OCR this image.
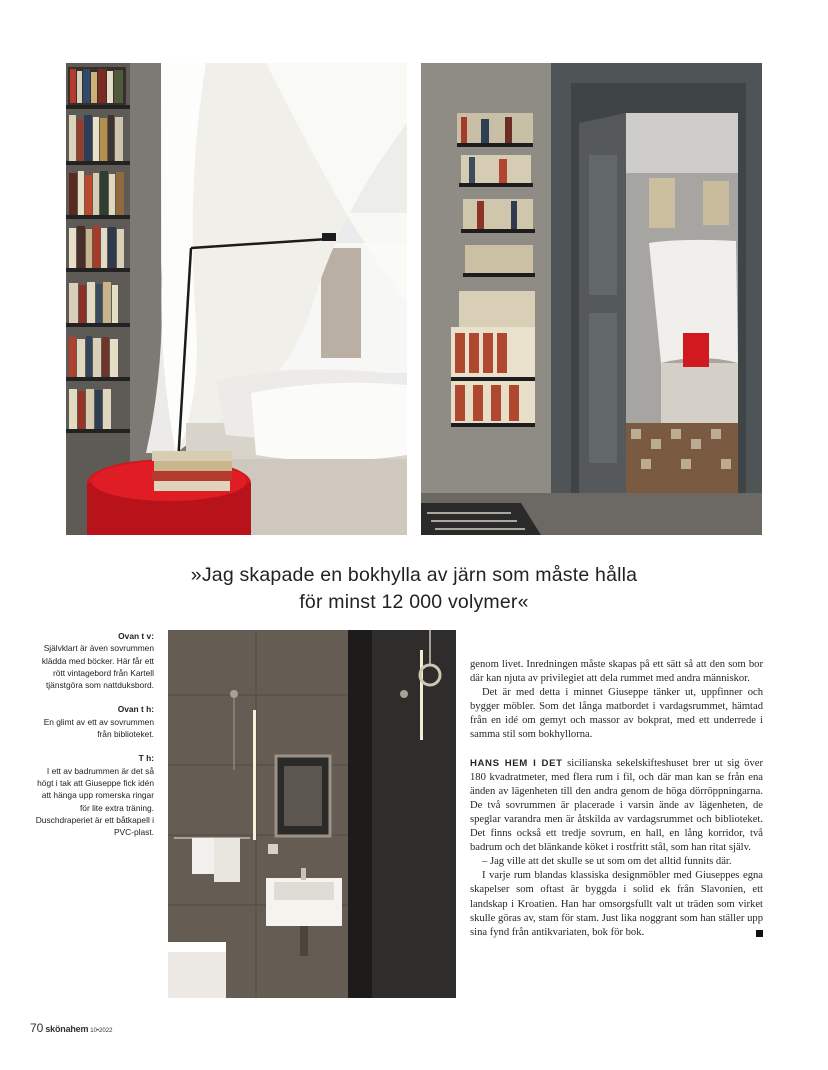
»Jag skapade en bokhylla av järn som måste hålla
för minst 12 000 volymer«
Ovan t v:
Självklart är även sovrummen klädda med böcker. Här får ett rött vintagebord från Kartell tjänstgöra som nattduksbord.
Ovan t h:
En glimt av ett av sovrummen från biblioteket.
T h:
I ett av badrummen är det så högt i tak att Giuseppe fick idén att hänga upp romerska ringar för lite extra träning. Duschdraperiet är ett båtkapell i PVC-plast.

genom livet. Inredningen måste skapas på ett sätt så att den som bor där kan njuta av privilegiet att dela rummet med andra människor.

Det är med detta i minnet Giuseppe tänker ut, uppfinner och bygger möbler. Som det långa matbordet i vardagsrummet, hämtad från en idé om gemyt och massor av bokprat, med ett underrede i samma stil som bokhyllorna.

HANS HEM I DET sicilianska sekelskifteshuset brer ut sig över 180 kvadratmeter, med flera rum i fil, och där man kan se från ena änden av lägenheten till den andra genom de höga dörröppningarna. De två sovrummen är placerade i varsin ände av lägenheten, de speglar varandra men är åtskilda av vardagsrummet och biblioteket. Det finns också ett tredje sovrum, en hall, en lång korridor, två badrum och det blänkande köket i rostfritt stål, som han ritat själv.

– Jag ville att det skulle se ut som om det alltid funnits där.

I varje rum blandas klassiska designmöbler med Giuseppes egna skapelser som oftast är byggda i solid ek från Slavonien, ett landskap i Kroatien. Han har omsorgsfullt valt ut träden som virket skulle göras av, stam för stam. Just lika noggrant som han ställer upp sina fynd från antikvariaten, bok för bok.

70 skönahem 10•2022
